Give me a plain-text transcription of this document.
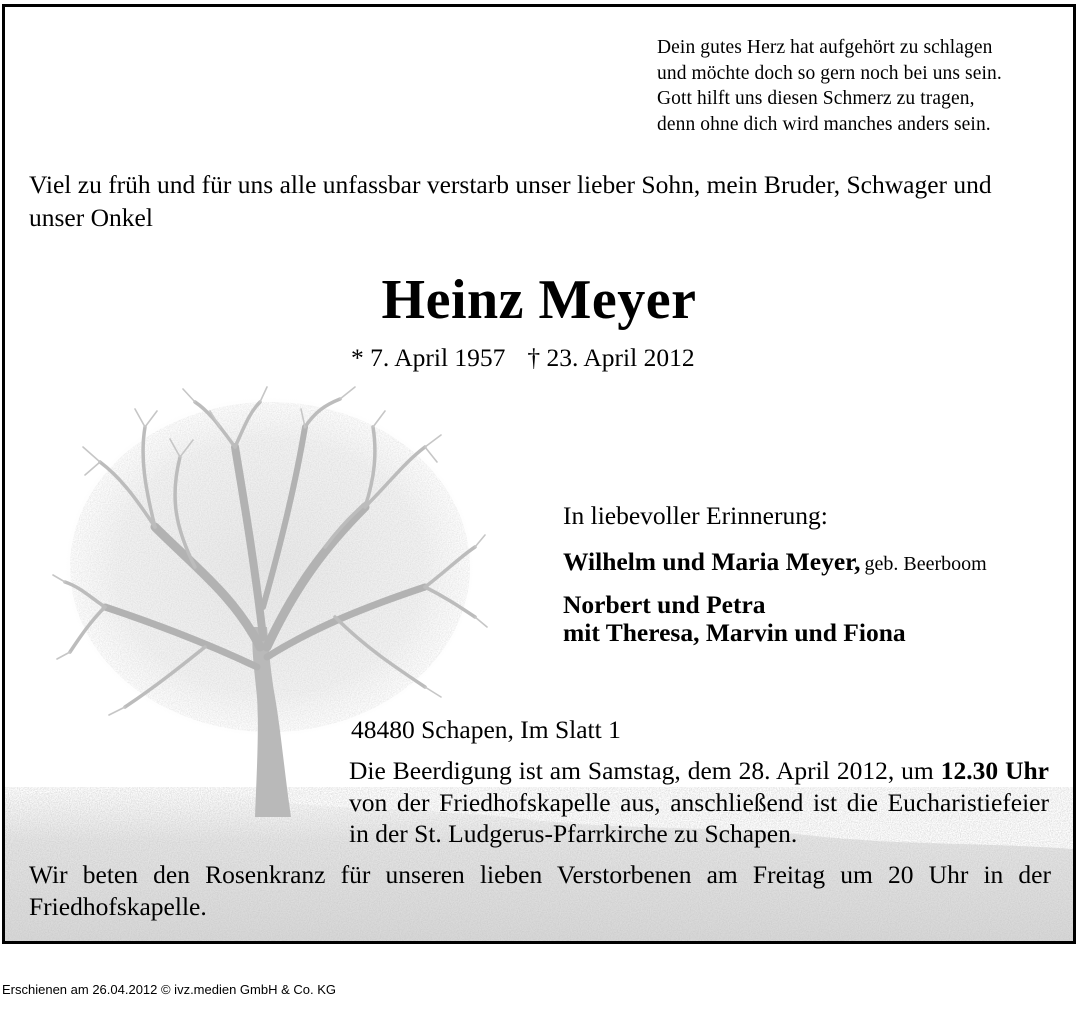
Dein gutes Herz hat aufgehört zu schlagen
und möchte doch so gern noch bei uns sein.
Gott hilft uns diesen Schmerz zu tragen,
denn ohne dich wird manches anders sein.
Viel zu früh und für uns alle unfassbar verstarb unser lieber Sohn, mein Bruder, Schwager und unser Onkel
Heinz Meyer
* 7. April 1957 † 23. April 2012
In liebevoller Erinnerung:
Wilhelm und Maria Meyer, geb. Beerboom
Norbert und Petra
mit Theresa, Marvin und Fiona
48480 Schapen, Im Slatt 1
Die Beerdigung ist am Samstag, dem 28. April 2012, um 12.30 Uhr von der Friedhofskapelle aus, anschließend ist die Eucharistiefeier in der St. Ludgerus-Pfarrkirche zu Schapen.
Wir beten den Rosenkranz für unseren lieben Verstorbenen am Freitag um 20 Uhr in der Friedhofskapelle.
Erschienen am 26.04.2012 © ivz.medien GmbH & Co. KG
